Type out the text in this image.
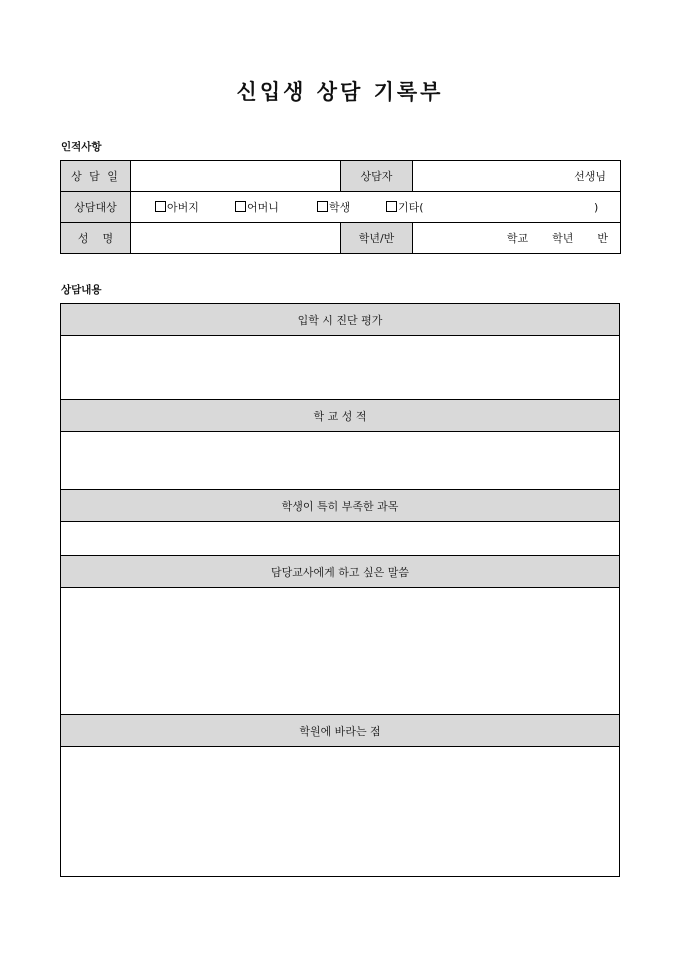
신입생 상담 기록부
인적사항
상 담 일		상담자	선생님
상담대상	아버지 어머니 학생 기타( )		
성    명		학년/반	학교 학년 반
상담내용
입학 시 진단 평가

학 교 성 적

학생이 특히 부족한 과목

담당교사에게 하고 싶은 말씀

학원에 바라는 점
